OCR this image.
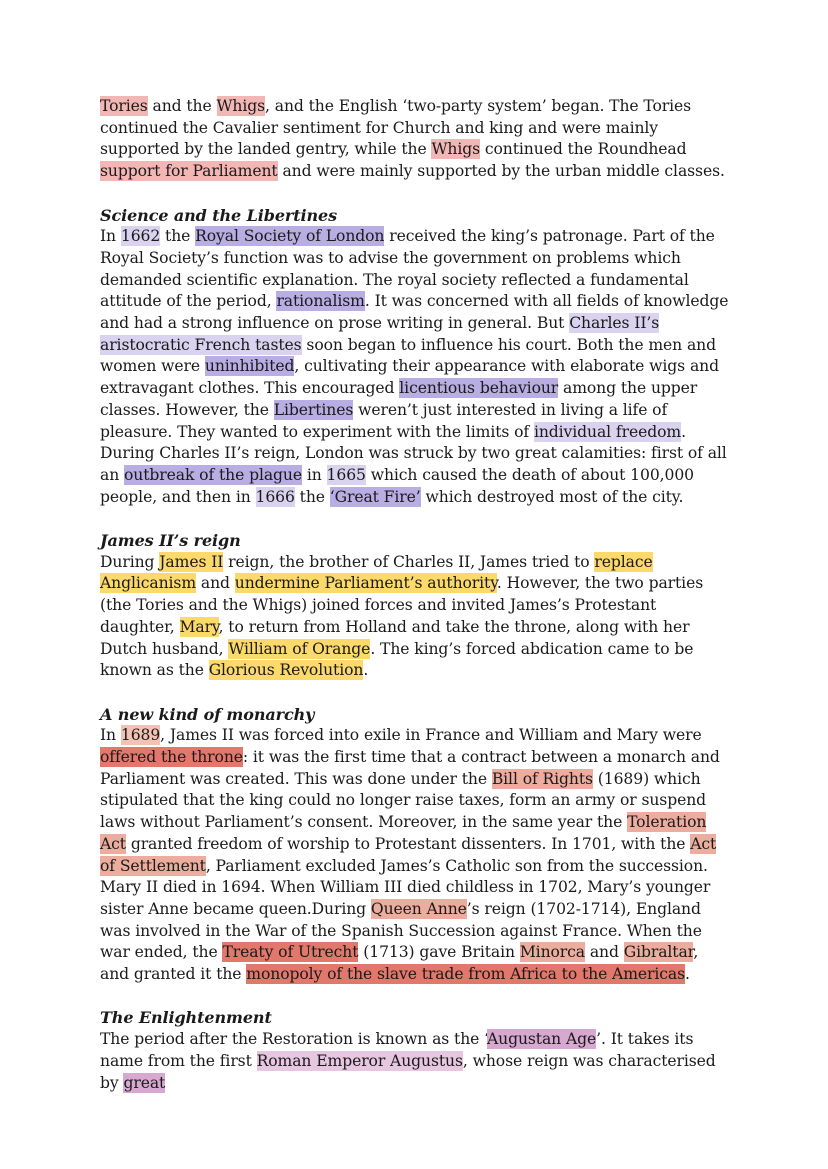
Tories and the Whigs, and the English ‘two-party system’ began. The Tories continued the Cavalier sentiment for Church and king and were mainly supported by the landed gentry, while the Whigs continued the Roundhead support for Parliament and were mainly supported by the urban middle classes.

Science and the Libertines

In 1662 the Royal Society of London received the king’s patronage. Part of the Royal Society’s function was to advise the government on problems which demanded scientific explanation. The royal society reflected a fundamental attitude of the period, rationalism. It was concerned with all fields of knowledge and had a strong influence on prose writing in general. But Charles II’s aristocratic French tastes soon began to influence his court. Both the men and women were uninhibited, cultivating their appearance with elaborate wigs and extravagant clothes. This encouraged licentious behaviour among the upper classes. However, the Libertines weren’t just interested in living a life of pleasure. They wanted to experiment with the limits of individual freedom. During Charles II’s reign, London was struck by two great calamities: first of all an outbreak of the plague in 1665 which caused the death of about 100,000 people, and then in 1666 the ‘Great Fire’ which destroyed most of the city.

James II’s reign

During James II reign, the brother of Charles II, James tried to replace Anglicanism and undermine Parliament’s authority. However, the two parties (the Tories and the Whigs) joined forces and invited James’s Protestant daughter, Mary, to return from Holland and take the throne, along with her Dutch husband, William of Orange. The king’s forced abdication came to be known as the Glorious Revolution.

A new kind of monarchy

In 1689, James II was forced into exile in France and William and Mary were offered the throne: it was the first time that a contract between a monarch and Parliament was created. This was done under the Bill of Rights (1689) which stipulated that the king could no longer raise taxes, form an army or suspend laws without Parliament’s consent. Moreover, in the same year the Toleration Act granted freedom of worship to Protestant dissenters. In 1701, with the Act of Settlement, Parliament excluded James’s Catholic son from the succession. Mary II died in 1694. When William III died childless in 1702, Mary’s younger sister Anne became queen.During Queen Anne’s reign (1702-1714), England was involved in the War of the Spanish Succession against France. When the war ended, the Treaty of Utrecht (1713) gave Britain Minorca and Gibraltar, and granted it the monopoly of the slave trade from Africa to the Americas.

The Enlightenment

The period after the Restoration is known as the ‘Augustan Age’. It takes its name from the first Roman Emperor Augustus, whose reign was characterised by great
